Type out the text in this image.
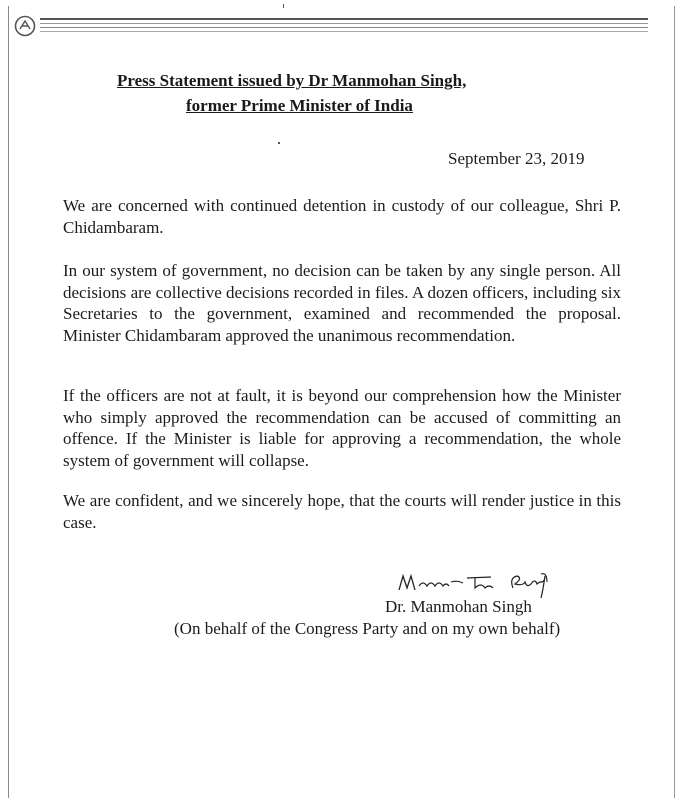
Press Statement issued by Dr Manmohan Singh,
former Prime Minister of India
September 23, 2019
We are concerned with continued detention in custody of our colleague, Shri P. Chidambaram.
In our system of government, no decision can be taken by any single person. All decisions are collective decisions recorded in files. A dozen officers, including six Secretaries to the government, examined and recommended the proposal. Minister Chidambaram approved the unanimous recommendation.
If the officers are not at fault, it is beyond our comprehension how the Minister who simply approved the recommendation can be accused of committing an offence. If the Minister is liable for approving a recommendation, the whole system of government will collapse.
We are confident, and we sincerely hope, that the courts will render justice in this case.
Dr. Manmohan Singh
(On behalf of the Congress Party and on my own behalf)
